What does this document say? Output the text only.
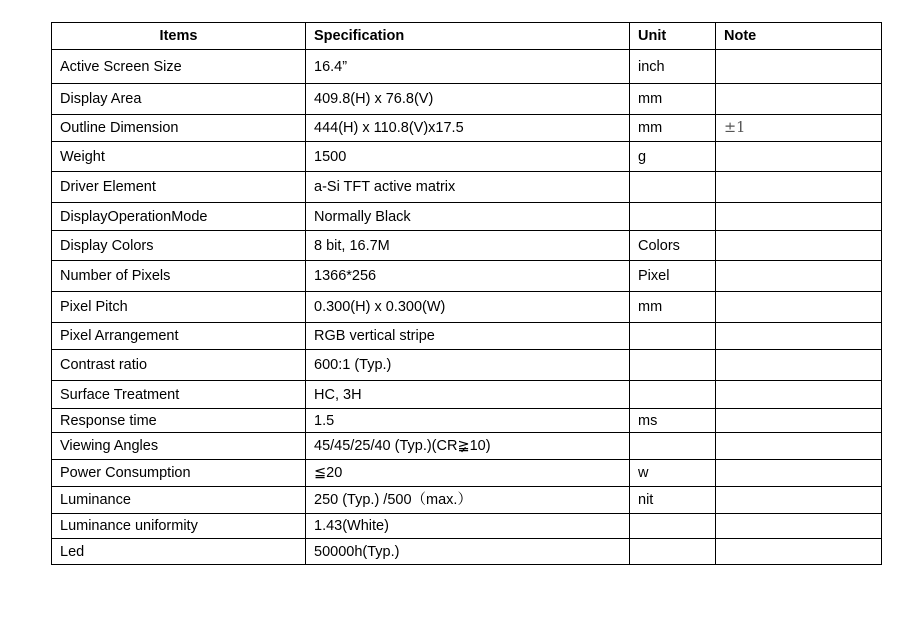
Items	Specification	Unit	Note
Active Screen Size	16.4”	inch	
Display Area	409.8(H) x 76.8(V)	mm	
Outline Dimension	444(H) x 110.8(V)x17.5	mm	±1
Weight	1500	g	
Driver Element	a-Si TFT active matrix		
DisplayOperationMode	Normally Black		
Display Colors	8 bit, 16.7M	Colors	
Number of Pixels	1366*256	Pixel	
Pixel Pitch	0.300(H) x 0.300(W)	mm	
Pixel Arrangement	RGB vertical stripe		
Contrast ratio	600:1 (Typ.)		
Surface Treatment	HC, 3H		
Response time	1.5	ms	
Viewing Angles	45/45/25/40 (Typ.)(CR≩10)		
Power Consumption	≦20	w	
Luminance	250 (Typ.) /500（max.）	nit	
Luminance uniformity	1.43(White)		
Led	50000h(Typ.)		
